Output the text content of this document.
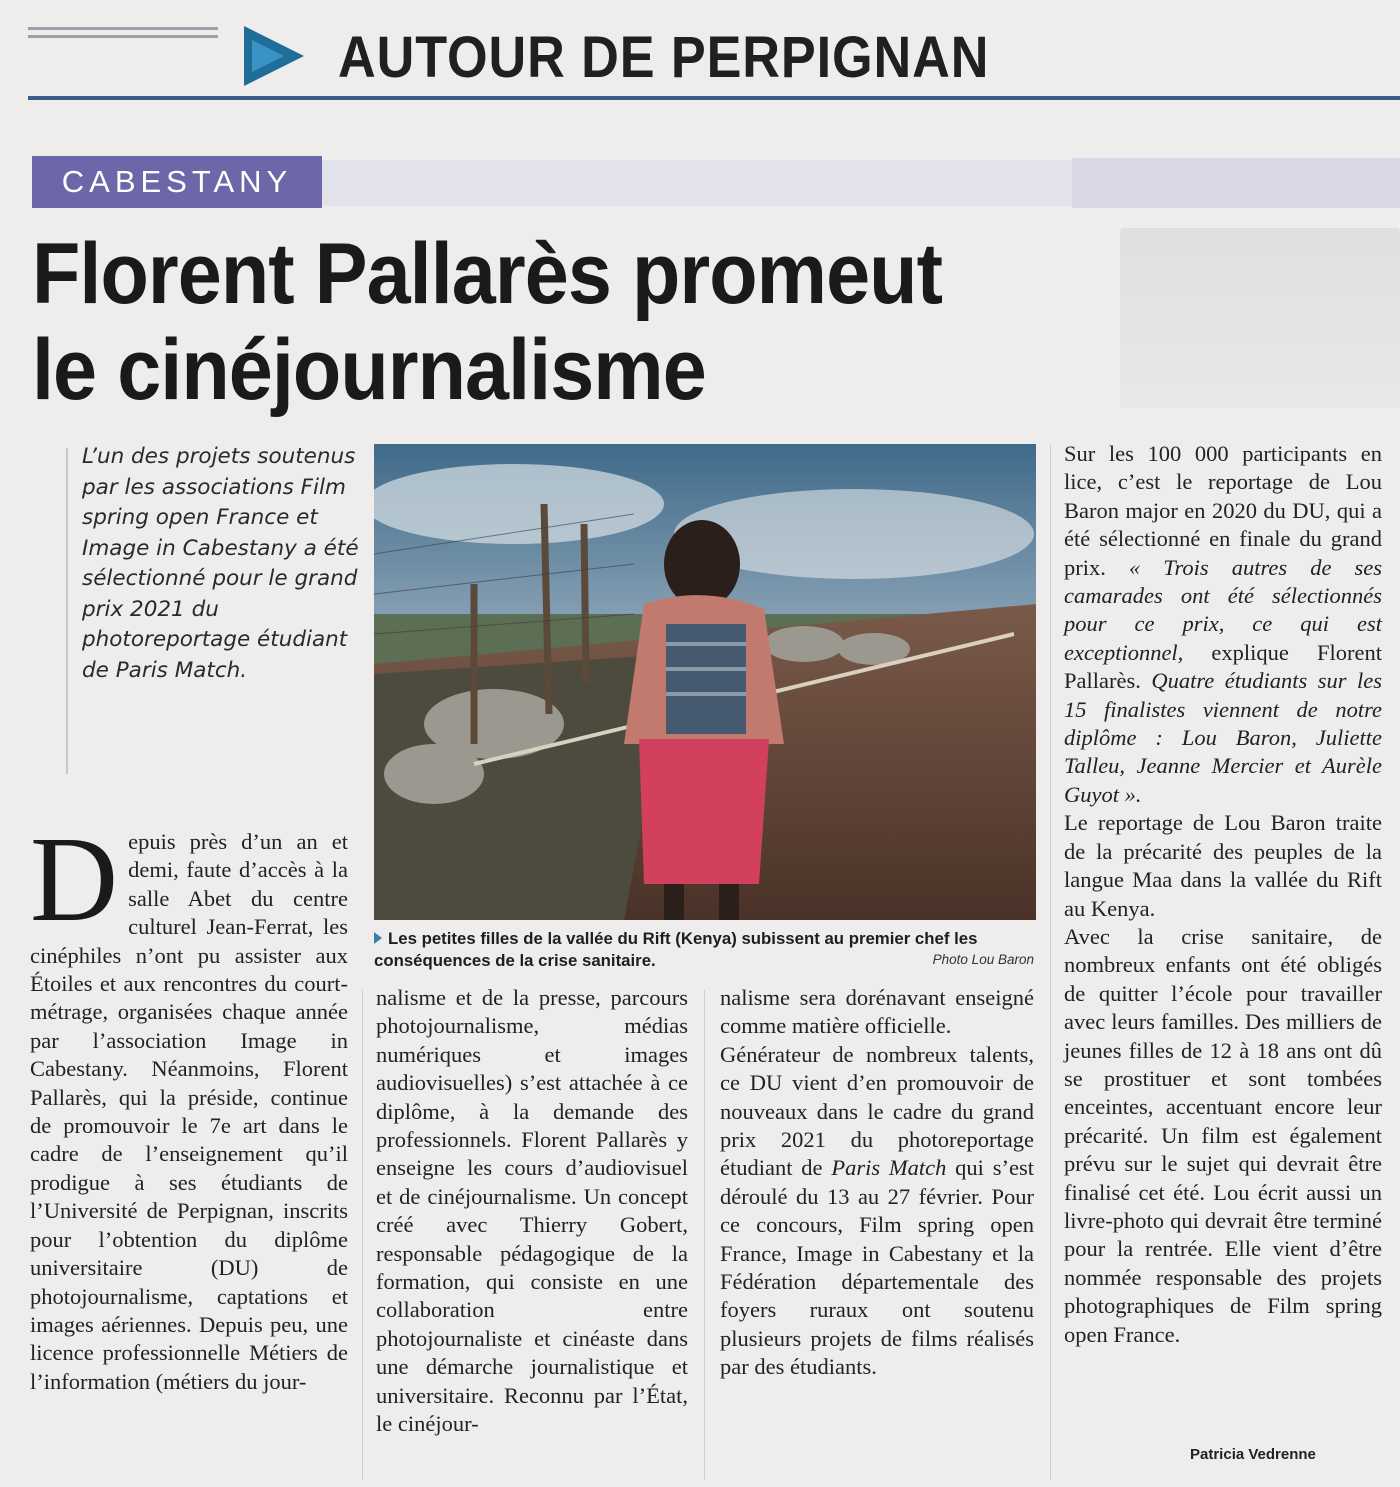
AUTOUR DE PERPIGNAN
CABESTANY
Florent Pallarès promeut
le cinéjournalisme
L’un des projets soutenus par les associations Film spring open France et Image in Cabestany a été sélectionné pour le grand prix 2021 du photoreportage étudiant de Paris Match.
Les petites filles de la vallée du Rift (Kenya) subissent au premier chef les conséquences de la crise sanitaire.	Photo Lou Baron

D epuis près d’un an et demi, faute d’accès à la salle Abet du centre culturel Jean-Ferrat, les cinéphiles n’ont pu assister aux Étoiles et aux rencontres du court-métrage, organisées chaque année par l’association Image in Cabestany. Néanmoins, Florent Pallarès, qui la préside, continue de promouvoir le 7e art dans le cadre de l’enseignement qu’il prodigue à ses étudiants de l’Université de Perpignan, inscrits pour l’obtention du diplôme universitaire (DU) de photojournalisme, captations et images aériennes. Depuis peu, une licence professionnelle Métiers de l’information (métiers du jour-

nalisme et de la presse, parcours photojournalisme, médias numériques et images audiovisuelles) s’est attachée à ce diplôme, à la demande des professionnels. Florent Pallarès y enseigne les cours d’audiovisuel et de cinéjournalisme. Un concept créé avec Thierry Gobert, responsable pédagogique de la formation, qui consiste en une collaboration entre photojournaliste et cinéaste dans une démarche journalistique et universitaire. Reconnu par l’État, le cinéjour-

nalisme sera dorénavant enseigné comme matière officielle.

Générateur de nombreux talents, ce DU vient d’en promouvoir de nouveaux dans le cadre du grand prix 2021 du photoreportage étudiant de Paris Match qui s’est déroulé du 13 au 27 février. Pour ce concours, Film spring open France, Image in Cabestany et la Fédération départementale des foyers ruraux ont soutenu plusieurs projets de films réalisés par des étudiants.

Sur les 100 000 participants en lice, c’est le reportage de Lou Baron major en 2020 du DU, qui a été sélectionné en finale du grand prix. « Trois autres de ses camarades ont été sélectionnés pour ce prix, ce qui est exceptionnel, explique Florent Pallarès. Quatre étudiants sur les 15 finalistes viennent de notre diplôme : Lou Baron, Juliette Talleu, Jeanne Mercier et Aurèle Guyot ».

Le reportage de Lou Baron traite de la précarité des peuples de la langue Maa dans la vallée du Rift au Kenya.

Avec la crise sanitaire, de nombreux enfants ont été obligés de quitter l’école pour travailler avec leurs familles. Des milliers de jeunes filles de 12 à 18 ans ont dû se prostituer et sont tombées enceintes, accentuant encore leur précarité. Un film est également prévu sur le sujet qui devrait être finalisé cet été. Lou écrit aussi un livre-photo qui devrait être terminé pour la rentrée. Elle vient d’être nommée responsable des projets photographiques de Film spring open France.

Patricia Vedrenne
